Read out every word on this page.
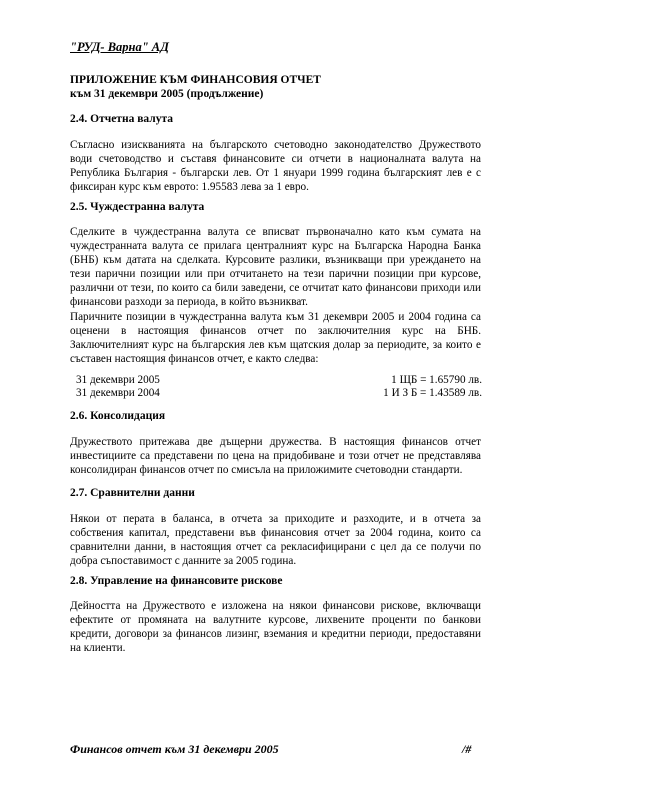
"РУД- Варна" АД
ПРИЛОЖЕНИЕ КЪМ ФИНАНСОВИЯ ОТЧЕТ
към 31 декември 2005 (продължение)
2.4. Отчетна валута

Съгласно изискванията на българското счетоводно законодателство Дружеството води счетоводство и съставя финансовите си отчети в националната валута на Република България - български лев. От 1 януари 1999 година българският лев е с фиксиран курс към еврото: 1.95583 лева за 1 евро.

2.5. Чуждестранна валута

Сделките в чуждестранна валута се вписват първоначално като към сумата на чуждестранната валута се прилага централният курс на Българска Народна Банка (БНБ) към датата на сделката. Курсовите разлики, възникващи при уреждането на тези парични позиции или при отчитането на тези парични позиции при курсове, различни от тези, по които са били заведени, се отчитат като финансови приходи или финансови разходи за периода, в който възникват.

Паричните позиции в чуждестранна валута към 31 декември 2005 и 2004 година са оценени в настоящия финансов отчет по заключителния курс на БНБ. Заключителният курс на българския лев към щатския долар за периодите, за които е съставен настоящия финансов отчет, е както следва:

31 декември 2005	1 ЩБ = 1.65790 лв.
31 декември 2004	1 И З Б = 1.43589 лв.
2.6. Консолидация

Дружеството притежава две дъщерни дружества. В настоящия финансов отчет инвестициите са представени по цена на придобиване и този отчет не представлява консолидиран финансов отчет по смисъла на приложимите счетоводни стандарти.

2.7. Сравнителни данни

Някои от перата в баланса, в отчета за приходите и разходите, и в отчета за собствения капитал, представени във финансовия отчет за 2004 година, които са сравнителни данни, в настоящия отчет са рекласифицирани с цел да се получи по добра съпоставимост с данните за 2005 година.

2.8. Управление на финансовите рискове

Дейността на Дружеството е изложена на някои финансови рискове, включващи ефектите от промяната на валутните курсове, лихвените проценти по банкови кредити, договори за финансов лизинг, вземания и кредитни периоди, предоставяни на клиенти.

Финансов отчет към 31 декември 2005	/#
